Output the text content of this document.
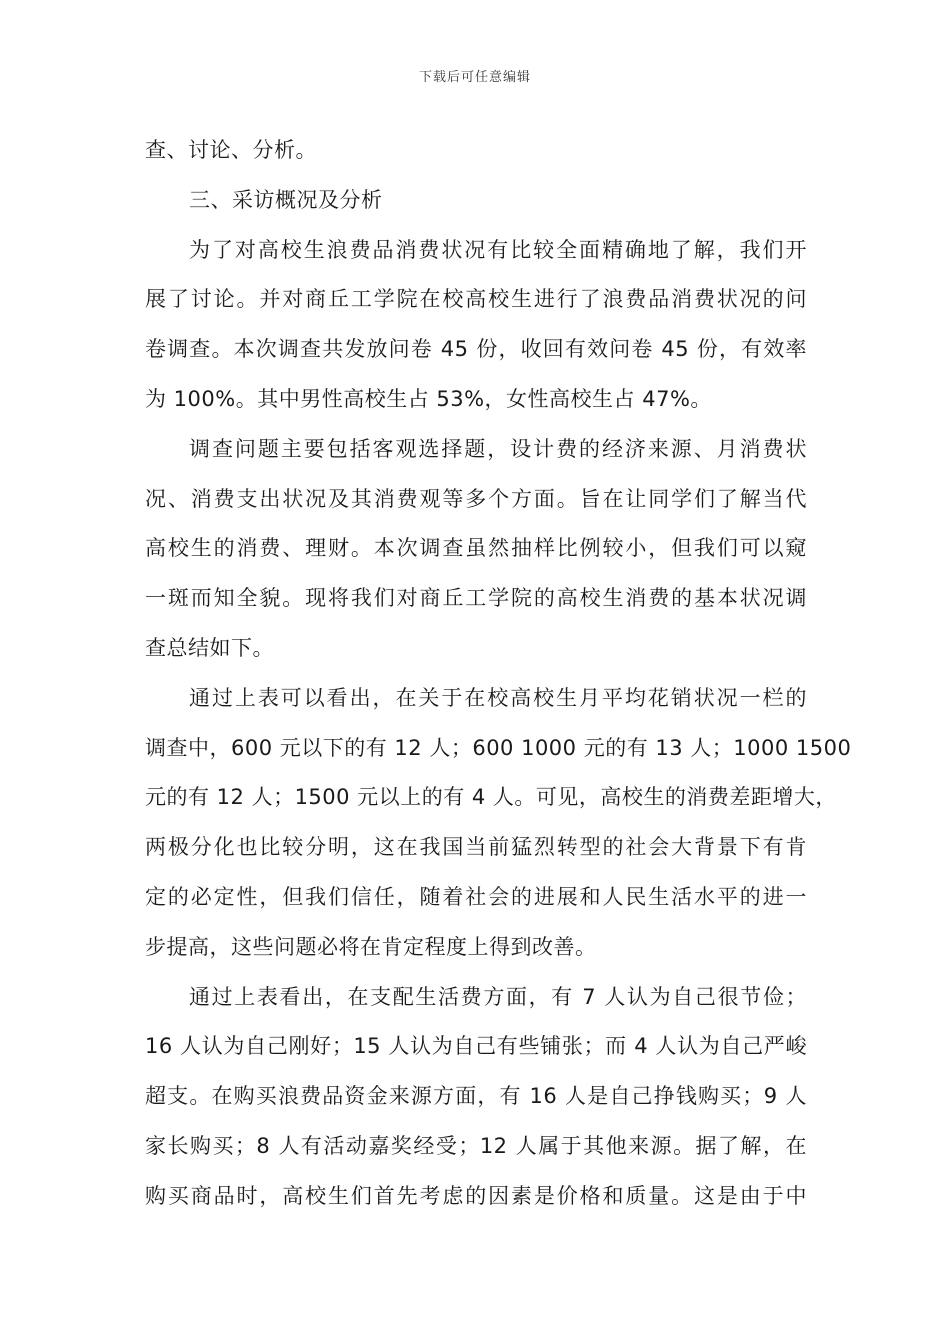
下载后可任意编辑
查、讨论、分析。
三、采访概况及分析
为了对高校生浪费品消费状况有比较全面精确地了解，我们开
展了讨论。并对商丘工学院在校高校生进行了浪费品消费状况的问
卷调查。本次调查共发放问卷 45 份，收回有效问卷 45 份，有效率
为 100%。其中男性高校生占 53%，女性高校生占 47%。
调查问题主要包括客观选择题，设计费的经济来源、月消费状
况、消费支出状况及其消费观等多个方面。旨在让同学们了解当代
高校生的消费、理财。本次调查虽然抽样比例较小，但我们可以窥
一斑而知全貌。现将我们对商丘工学院的高校生消费的基本状况调
查总结如下。
通过上表可以看出，在关于在校高校生月平均花销状况一栏的
调查中，600 元以下的有 12 人；600 1000 元的有 13 人；1000 1500
元的有 12 人；1500 元以上的有 4 人。可见，高校生的消费差距增大，
两极分化也比较分明，这在我国当前猛烈转型的社会大背景下有肯
定的必定性，但我们信任，随着社会的进展和人民生活水平的进一
步提高，这些问题必将在肯定程度上得到改善。
通过上表看出，在支配生活费方面，有 7 人认为自己很节俭；
16 人认为自己刚好；15 人认为自己有些铺张；而 4 人认为自己严峻
超支。在购买浪费品资金来源方面，有 16 人是自己挣钱购买；9 人
家长购买；8 人有活动嘉奖经受；12 人属于其他来源。据了解，在
购买商品时，高校生们首先考虑的因素是价格和质量。这是由于中
